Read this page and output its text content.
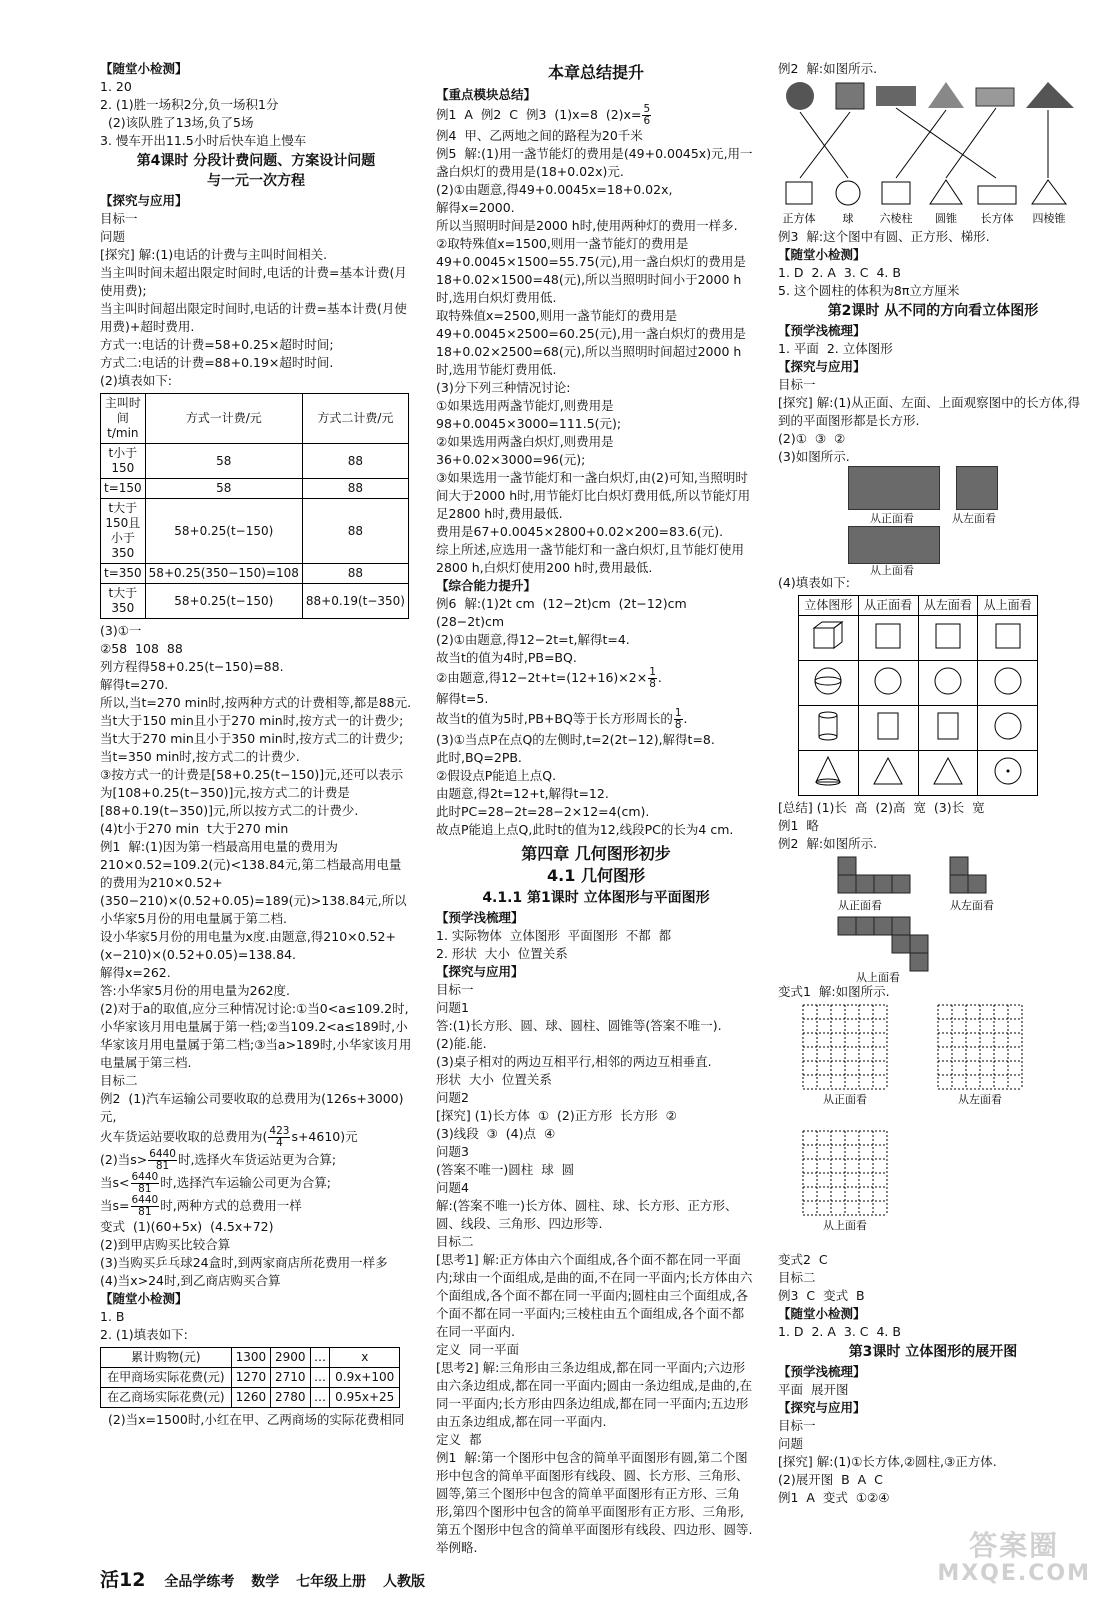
【随堂小检测】
1. 20
2. (1)胜一场积2分,负一场积1分
(2)该队胜了13场,负了5场
3. 慢车开出11.5小时后快车追上慢车
第4课时 分段计费问题、方案设计问题
与一元一次方程
【探究与应用】
目标一
问题
[探究] 解:(1)电话的计费与主叫时间相关.
当主叫时间未超出限定时间时,电话的计费=基本计费(月使用费);
当主叫时间超出限定时间时,电话的计费=基本计费(月使用费)+超时费用.
方式一:电话的计费=58+0.25×超时时间;
方式二:电话的计费=88+0.19×超时时间.
(2)填表如下:
主叫时间 t/min	方式一计费/元	方式二计费/元
t小于150	58	88
t=150	58	88
t大于150且小于350	58+0.25(t−150)	88
t=350	58+0.25(350−150)=108	88
t大于350	58+0.25(t−150)	88+0.19(t−350)
(3)①一
②58  108  88
列方程得58+0.25(t−150)=88.
解得t=270.
所以,当t=270 min时,按两种方式的计费相等,都是88元.
当t大于150 min且小于270 min时,按方式一的计费少;
当t大于270 min且小于350 min时,按方式二的计费少;
当t=350 min时,按方式二的计费少.
③按方式一的计费是[58+0.25(t−150)]元,还可以表示为[108+0.25(t−350)]元,按方式二的计费是[88+0.19(t−350)]元,所以按方式二的计费少.
(4)t小于270 min  t大于270 min
例1  解:(1)因为第一档最高用电量的费用为210×0.52=109.2(元)<138.84元,第二档最高用电量的费用为210×0.52+(350−210)×(0.52+0.05)=189(元)>138.84元,所以小华家5月份的用电量属于第二档.
设小华家5月份的用电量为x度.由题意,得210×0.52+(x−210)×(0.52+0.05)=138.84.
解得x=262.
答:小华家5月份的用电量为262度.
(2)对于a的取值,应分三种情况讨论:①当0<a≤109.2时,小华家该月用电量属于第一档;②当109.2<a≤189时,小华家该月用电量属于第二档;③当a>189时,小华家该月用电量属于第三档.
目标二
例2  (1)汽车运输公司要收取的总费用为(126s+3000)元,
火车货运站要收取的总费用为( $\frac{423}{4} s+4610$)元
(2)当$s> \frac{6440}{81}$ 时,选择火车货运站更为合算;
当$s< \frac{6440}{81}$ 时,选择汽车运输公司更为合算;
当$s= \frac{6440}{81}$ 时,两种方式的总费用一样
变式  (1)(60+5x)  (4.5x+72)
(2)到甲店购买比较合算
(3)当购买乒乓球24盒时,到两家商店所花费用一样多
(4)当x>24时,到乙商店购买合算
【随堂小检测】
1. B
2. (1)填表如下:
累计购物(元)	1300	2900	…	x
在甲商场实际花费(元)	1270	2710	…	0.9x+100
在乙商场实际花费(元)	1260	2780	…	0.95x+25
(2)当x=1500时,小红在甲、乙两商场的实际花费相同
本章总结提升
【重点模块总结】
例1  A  例2  C  例3  (1)x=8  $(2)x= \frac{5}{6}$
例4  甲、乙两地之间的路程为20千米
例5  解:(1)用一盏节能灯的费用是(49+0.0045x)元,用一盏白炽灯的费用是(18+0.02x)元.
(2)①由题意,得49+0.0045x=18+0.02x,
解得x=2000.
所以当照明时间是2000 h时,使用两种灯的费用一样多.
②取特殊值x=1500,则用一盏节能灯的费用是49+0.0045×1500=55.75(元),用一盏白炽灯的费用是18+0.02×1500=48(元),所以当照明时间小于2000 h时,选用白炽灯费用低.
取特殊值x=2500,则用一盏节能灯的费用是49+0.0045×2500=60.25(元),用一盏白炽灯的费用是18+0.02×2500=68(元),所以当照明时间超过2000 h时,选用节能灯费用低.
(3)分下列三种情况讨论:
①如果选用两盏节能灯,则费用是98+0.0045×3000=111.5(元);
②如果选用两盏白炽灯,则费用是36+0.02×3000=96(元);
③如果选用一盏节能灯和一盏白炽灯,由(2)可知,当照明时间大于2000 h时,用节能灯比白炽灯费用低,所以节能灯用足2800 h时,费用最低.
费用是67+0.0045×2800+0.02×200=83.6(元).
综上所述,应选用一盏节能灯和一盏白炽灯,且节能灯使用2800 h,白炽灯使用200 h时,费用最低.
【综合能力提升】
例6  解:(1)2t cm  (12−2t)cm  (2t−12)cm  (28−2t)cm
(2)①由题意,得12−2t=t,解得t=4.
故当t的值为4时,PB=BQ.
②由题意,得$12-2t+t=(12+16)\times 2\times \frac{1}{8}$ .
解得t=5.
故当t的值为5时,PB+BQ等于长方形周长的 $\frac{1}{8}$ .
(3)①当点P在点Q的左侧时,t=2(2t−12),解得t=8.
此时,BQ=2PB.
②假设点P能追上点Q.
由题意,得2t=12+t,解得t=12.
此时PC=28−2t=28−2×12=4(cm).
故点P能追上点Q,此时t的值为12,线段PC的长为4 cm.
第四章 几何图形初步
4.1 几何图形
4.1.1 第1课时 立体图形与平面图形
【预学浅梳理】
1. 实际物体  立体图形  平面图形  不都  都
2. 形状  大小  位置关系
【探究与应用】
目标一
问题1
答:(1)长方形、圆、球、圆柱、圆锥等(答案不唯一).
(2)能.能.
(3)桌子相对的两边互相平行,相邻的两边互相垂直.
形状  大小  位置关系
问题2
[探究] (1)长方体  ①  (2)正方形  长方形  ②
(3)线段  ③  (4)点  ④
问题3
(答案不唯一)圆柱  球  圆
问题4
解:(答案不唯一)长方体、圆柱、球、长方形、正方形、圆、线段、三角形、四边形等.
目标二
[思考1] 解:正方体由六个面组成,各个面不都在同一平面内;球由一个面组成,是曲的面,不在同一平面内;长方体由六个面组成,各个面不都在同一平面内;圆柱由三个面组成,各个面不都在同一平面内;三棱柱由五个面组成,各个面不都在同一平面内.
定义  同一平面
[思考2] 解:三角形由三条边组成,都在同一平面内;六边形由六条边组成,都在同一平面内;圆由一条边组成,是曲的,在同一平面内;长方形由四条边组成,都在同一平面内;五边形由五条边组成,都在同一平面内.
定义  都
例1  解:第一个图形中包含的简单平面图形有圆,第二个图形中包含的简单平面图形有线段、圆、长方形、三角形、圆等,第三个图形中包含的简单平面图形有正方形、三角形,第四个图形中包含的简单平面图形有正方形、三角形,第五个图形中包含的简单平面图形有线段、四边形、圆等.举例略.
例2  解:如图所示.
正方体 球 六棱柱 圆锥 长方体 四棱锥
例3  解:这个图中有圆、正方形、梯形.
【随堂小检测】
1. D  2. A  3. C  4. B
5. 这个圆柱的体积为8π立方厘米
第2课时 从不同的方向看立体图形
【预学浅梳理】
1. 平面  2. 立体图形
【探究与应用】
目标一
[探究] 解:(1)从正面、左面、上面观察图中的长方体,得到的平面图形都是长方形.
(2)①  ③  ②
(3)如图所示.
从正面看	从左面看
从上面看
(4)填表如下:
立体图形	从正面看	从左面看	从上面看

[总结] (1)长  高  (2)高  宽  (3)长  宽
例1  略
例2  解:如图所示.
从正面看	从左面看
从上面看
变式1  解:如图所示.
从正面看	从左面看
从上面看
变式2  C
目标二
例3  C  变式  B
【随堂小检测】
1. D  2. A  3. C  4. B
第3课时 立体图形的展开图
【预学浅梳理】
平面  展开图
【探究与应用】
目标一
问题
[探究] 解:(1)①长方体,②圆柱,③正方体.
(2)展开图  B  A  C
例1  A  变式  ①②④
活12 全品学练考 数学 七年级上册 人教版
答案圈
MXQE.COM
